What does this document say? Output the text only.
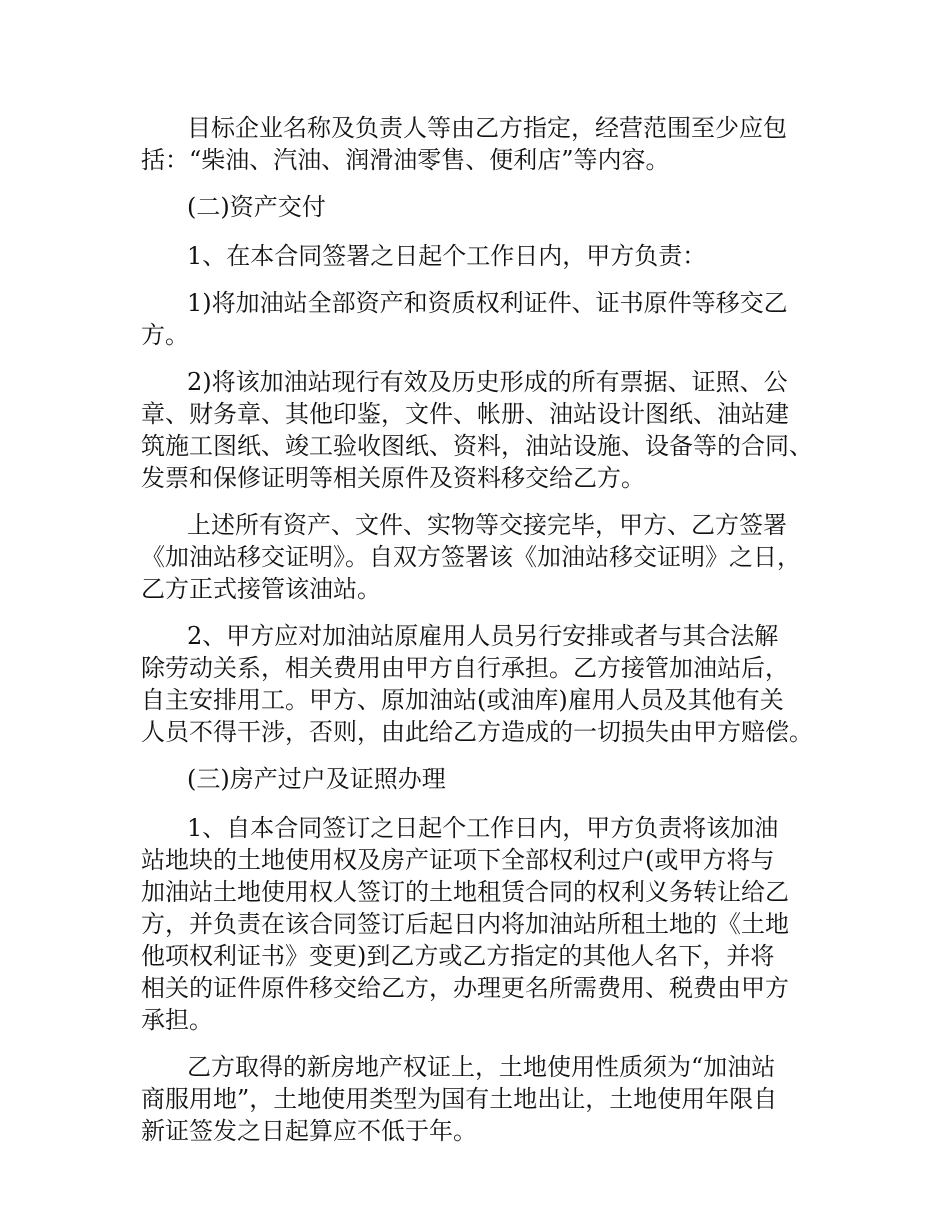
目标企业名称及负责人等由乙方指定，经营范围至少应包
括：“柴油、汽油、润滑油零售、便利店”等内容。

(二)资产交付

1、在本合同签署之日起个工作日内，甲方负责：

1)将加油站全部资产和资质权利证件、证书原件等移交乙
方。

2)将该加油站现行有效及历史形成的所有票据、证照、公
章、财务章、其他印鉴，文件、帐册、油站设计图纸、油站建
筑施工图纸、竣工验收图纸、资料，油站设施、设备等的合同、
发票和保修证明等相关原件及资料移交给乙方。

上述所有资产、文件、实物等交接完毕，甲方、乙方签署
《加油站移交证明》。自双方签署该《加油站移交证明》之日，
乙方正式接管该油站。

2、甲方应对加油站原雇用人员另行安排或者与其合法解
除劳动关系，相关费用由甲方自行承担。乙方接管加油站后，
自主安排用工。甲方、原加油站(或油库)雇用人员及其他有关
人员不得干涉，否则，由此给乙方造成的一切损失由甲方赔偿。

(三)房产过户及证照办理

1、自本合同签订之日起个工作日内，甲方负责将该加油
站地块的土地使用权及房产证项下全部权利过户(或甲方将与
加油站土地使用权人签订的土地租赁合同的权利义务转让给乙
方，并负责在该合同签订后起日内将加油站所租土地的《土地
他项权利证书》变更)到乙方或乙方指定的其他人名下，并将
相关的证件原件移交给乙方，办理更名所需费用、税费由甲方
承担。

乙方取得的新房地产权证上，土地使用性质须为“加油站
商服用地”，土地使用类型为国有土地出让，土地使用年限自
新证签发之日起算应不低于年。
